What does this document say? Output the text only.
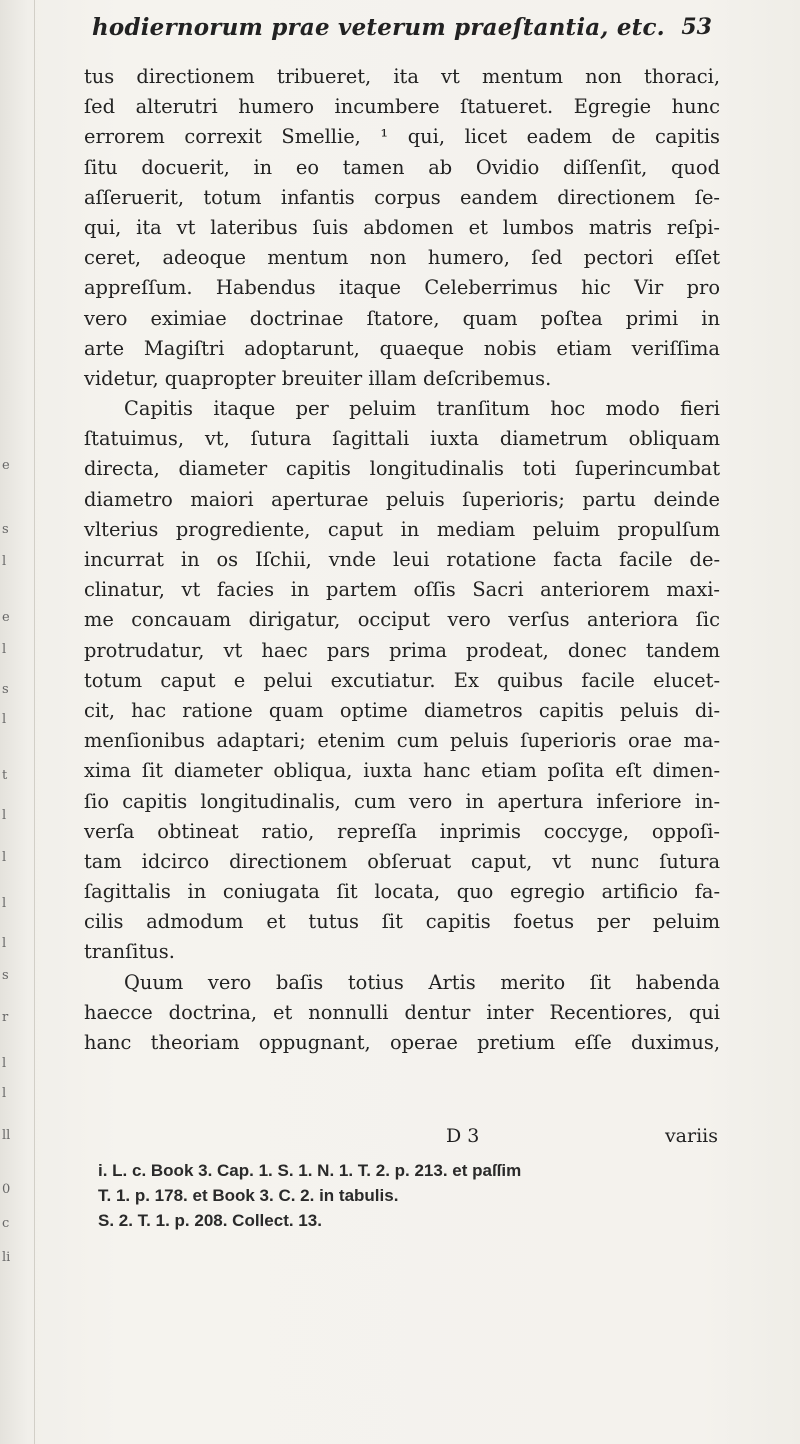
e
s
l
e
l
s
l
t
l
l
l
l
s
r
l
l
ll
0
c
li
hodiernorum prae veterum praeſtantia, etc. 53
tus directionem tribueret, ita vt mentum non thoraci,
ſed alterutri humero incumbere ſtatueret. Egregie hunc
errorem correxit Smellie, ¹ qui, licet eadem de capitis
ſitu docuerit, in eo tamen ab Ovidio diſſenſit, quod
aſſeruerit, totum infantis corpus eandem directionem ſe-
qui, ita vt lateribus ſuis abdomen et lumbos matris reſpi-
ceret, adeoque mentum non humero, ſed pectori eſſet
appreſſum. Habendus itaque Celeberrimus hic Vir pro
vero eximiae doctrinae ſtatore, quam poſtea primi in
arte Magiſtri adoptarunt, quaeque nobis etiam veriſſima
videtur, quapropter breuiter illam deſcribemus.
Capitis itaque per peluim tranſitum hoc modo fieri
ſtatuimus, vt, ſutura ſagittali iuxta diametrum obliquam
directa, diameter capitis longitudinalis toti ſuperincumbat
diametro maiori aperturae peluis ſuperioris; partu deinde
vlterius progrediente, caput in mediam peluim propulſum
incurrat in os Iſchii, vnde leui rotatione facta facile de-
clinatur, vt facies in partem oſſis Sacri anteriorem maxi-
me concauam dirigatur, occiput vero verſus anteriora ſic
protrudatur, vt haec pars prima prodeat, donec tandem
totum caput e pelui excutiatur. Ex quibus facile elucet-
cit, hac ratione quam optime diametros capitis peluis di-
menſionibus adaptari; etenim cum peluis ſuperioris orae ma-
xima ſit diameter obliqua, iuxta hanc etiam poſita eſt dimen-
ſio capitis longitudinalis, cum vero in apertura inferiore in-
verſa obtineat ratio, repreſſa inprimis coccyge, oppoſi-
tam idcirco directionem obſeruat caput, vt nunc ſutura
ſagittalis in coniugata ſit locata, quo egregio artificio fa-
cilis admodum et tutus ſit capitis foetus per peluim
tranſitus.
Quum vero baſis totius Artis merito ſit habenda
haecce doctrina, et nonnulli dentur inter Recentiores, qui
hanc theoriam oppugnant, operae pretium eſſe duximus,
D 3	variis
i. L. c. Book 3. Cap. 1. S. 1. N. 1. T. 2. p. 213. et paſſim
T. 1. p. 178. et Book 3. C. 2. in tabulis.
S. 2. T. 1. p. 208. Collect. 13.
